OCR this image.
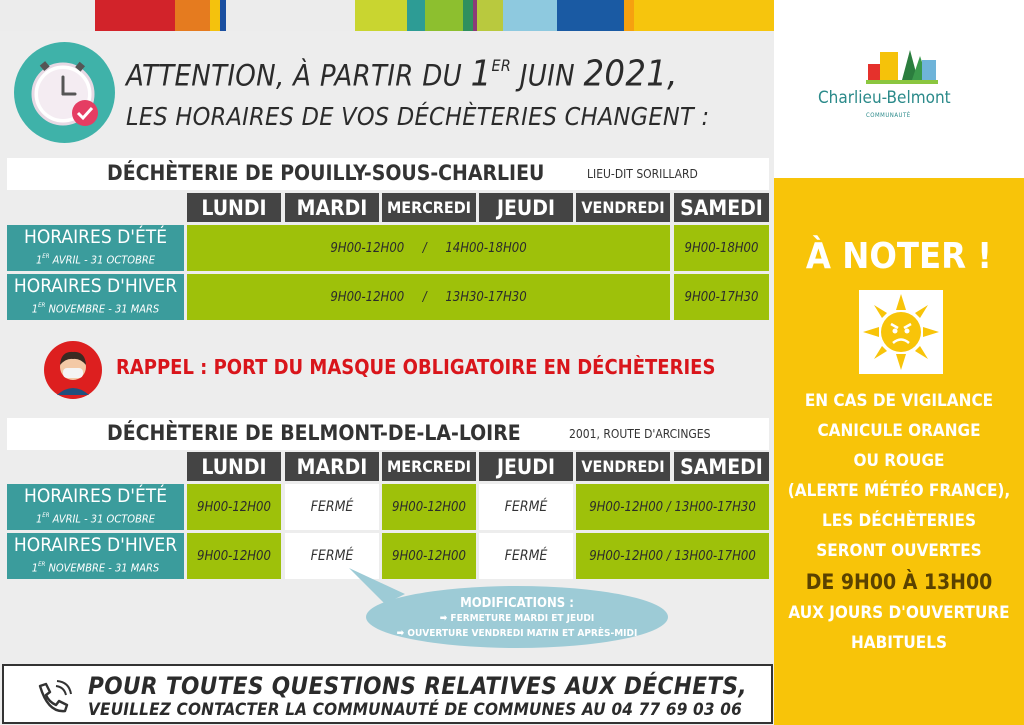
ATTENTION, À PARTIR DU 1ER JUIN 2021,
LES HORAIRES DE VOS DÉCHÈTERIES CHANGENT :
Charlieu-Belmont
COMMUNAUTÉ
DÉCHÈTERIE DE POUILLY-SOUS-CHARLIEU	LIEU-DIT SORILLARD
LUNDI	MARDI	MERCREDI	JEUDI	VENDREDI SAMEDI
HORAIRES D'ÉTÉ
1ER AVRIL - 31 OCTOBRE
9H00-12H00     /     14H00-18H00	9H00-18H00
HORAIRES D'HIVER
1ER NOVEMBRE - 31 MARS
9H00-12H00     /     13H30-17H30	9H00-17H30
RAPPEL : PORT DU MASQUE OBLIGATOIRE EN DÉCHÈTERIES
DÉCHÈTERIE DE BELMONT-DE-LA-LOIRE	2001, ROUTE D'ARCINGES
LUNDI	MARDI	MERCREDI	JEUDI	VENDREDI SAMEDI
HORAIRES D'ÉTÉ
1ER AVRIL - 31 OCTOBRE
9H00-12H00	FERMÉ	9H00-12H00	FERMÉ	9H00-12H00 / 13H00-17H30
HORAIRES D'HIVER
1ER NOVEMBRE - 31 MARS
9H00-12H00	FERMÉ	9H00-12H00	FERMÉ	9H00-12H00 / 13H00-17H00
MODIFICATIONS :
➡ FERMETURE MARDI ET JEUDI
➡ OUVERTURE VENDREDI MATIN ET APRÈS-MIDI
POUR TOUTES QUESTIONS RELATIVES AUX DÉCHETS,
VEUILLEZ CONTACTER LA COMMUNAUTÉ DE COMMUNES AU 04 77 69 03 06
À NOTER !
EN CAS DE VIGILANCE
CANICULE ORANGE
OU ROUGE
(ALERTE MÉTÉO FRANCE),
LES DÉCHÈTERIES
SERONT OUVERTES
DE 9H00 À 13H00
AUX JOURS D'OUVERTURE
HABITUELS
